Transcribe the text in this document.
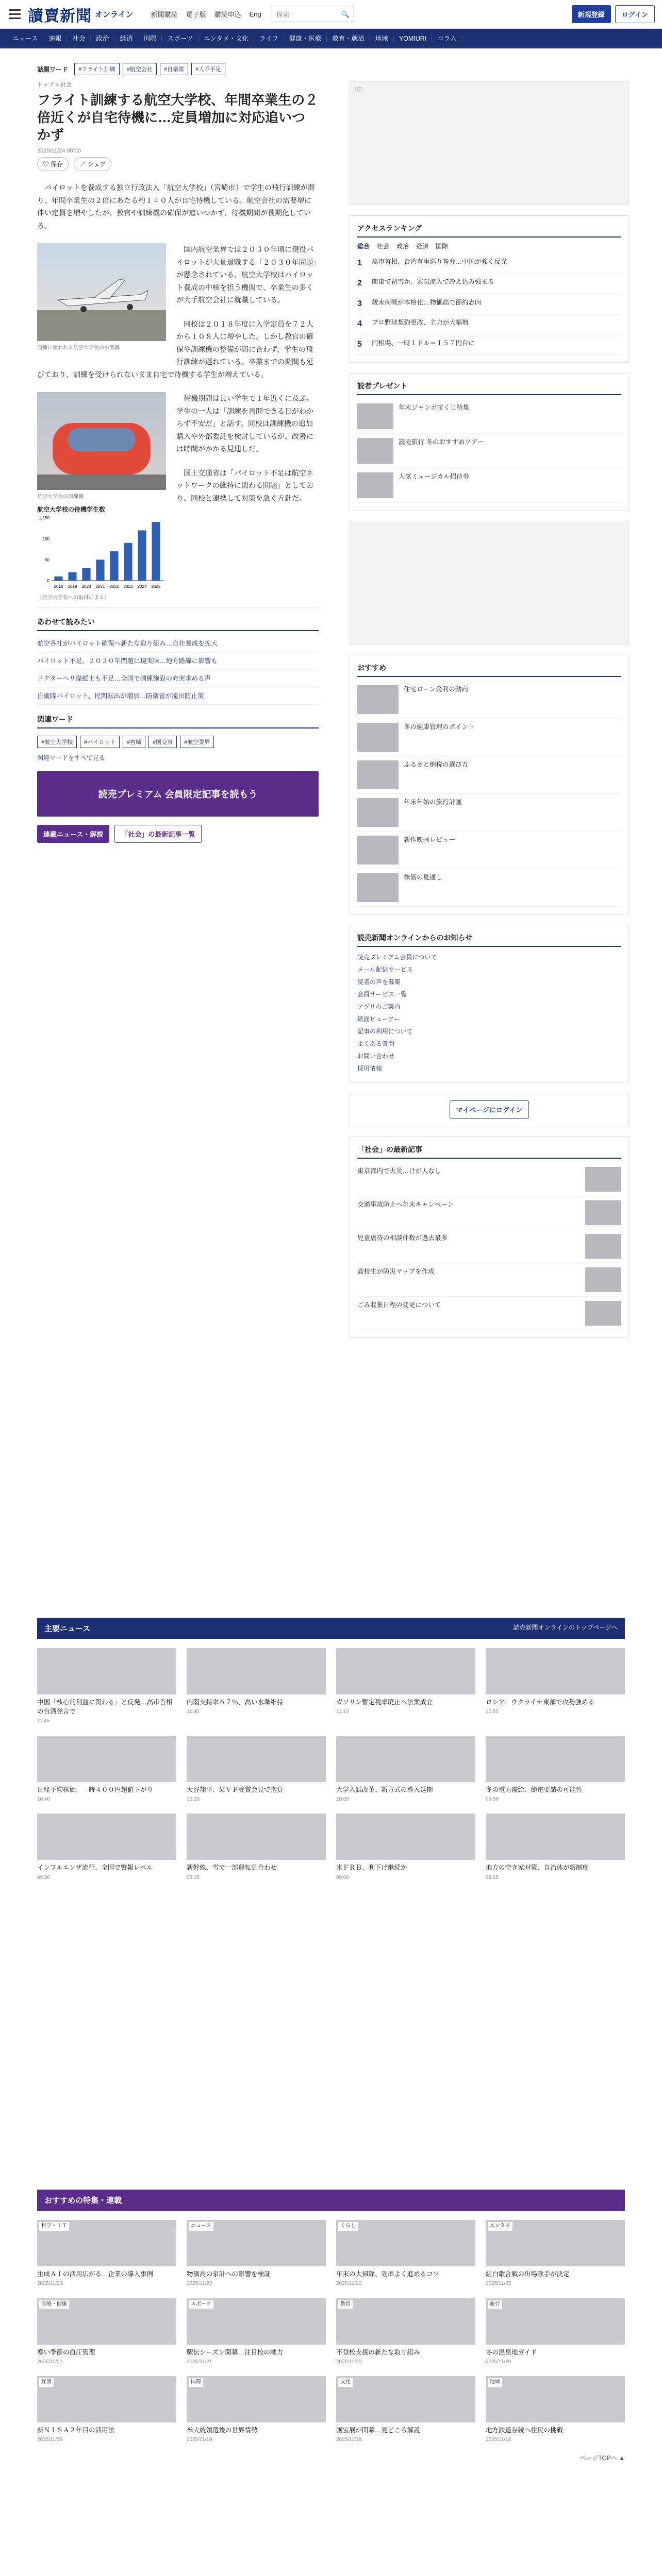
讀賣新聞 オンライン	新聞購読 電子版 購読申込 Eng 検索	🔍	新規登録	ログイン
ニュース	速報	社会	政治	経済	国際	スポーツ	エンタメ・文化	ライフ	健康・医療	教育・就活	地域	YOMIURI	コラム
話題ワード	#フライト訓練	#航空会社	#自衛隊	#人手不足
トップ > 社会
フライト訓練する航空大学校、年間卒業生の２倍近くが自宅待機に…定員増加に対応追いつかず
2025/11/24 05:00
♡ 保存	↗ シェア

パイロットを養成する独立行政法人「航空大学校」（宮崎市）で学生の飛行訓練が滞り、年間卒業生の２倍にあたる約１４０人が自宅待機している。航空会社の需要増に伴い定員を増やしたが、教官や訓練機の確保が追いつかず、待機期間が長期化している。

訓練に使われる航空大学校の小型機

国内航空業界では２０３０年頃に現役パイロットが大量退職する「２０３０年問題」が懸念されている。航空大学校はパイロット養成の中核を担う機関で、卒業生の多くが大手航空会社に就職している。

同校は２０１８年度に入学定員を７２人から１０８人に増やした。しかし教官の確保や訓練機の整備が間に合わず、学生の飛行訓練が遅れている。卒業までの期間も延びており、訓練を受けられないまま自宅で待機する学生が増えている。

航空大学校の訓練機
航空大学校の待機学生数
2018 2019 2020 2021 2022 2023 2024 2025
0
50
100
150
人
（航空大学校への取材による）

待機期間は長い学生で１年近くに及ぶ。学生の一人は「訓練を再開できる日がわからず不安だ」と話す。同校は訓練機の追加購入や外部委託を検討しているが、改善には時間がかかる見通しだ。

国土交通省は「パイロット不足は航空ネットワークの維持に関わる問題」としており、同校と連携して対策を急ぐ方針だ。

あわせて読みたい
航空各社がパイロット確保へ新たな取り組み…自社養成を拡大
パイロット不足、２０３０年問題に現実味…地方路線に影響も
ドクターヘリ操縦士も不足…全国で訓練施設の充実求める声
自衛隊パイロット、民間転出が増加…防衛省が流出防止策
関連ワード
#航空大学校	#パイロット	#宮崎	#国交省	#航空業界
関連ワードをすべて見る
読売プレミアム 会員限定記事を読もう
連載ニュース・解説	「社会」の最新記事一覧
広告
アクセスランキング
総合 社会 政治 経済 国際
1	高市首相、台湾有事巡り答弁…中国が強く反発
2	関東で初雪か、寒気流入で冷え込み強まる
3	歳末商戦が本格化…物価高で節約志向
4	プロ野球契約更改、主力が大幅増
5	円相場、一時１ドル＝１５７円台に
読者プレゼント
年末ジャンボ宝くじ特集
読売旅行 冬のおすすめツアー
人気ミュージカル招待券
おすすめ
住宅ローン金利の動向
冬の健康管理のポイント
ふるさと納税の選び方
年末年始の旅行計画
新作映画レビュー
株価の見通し
読売新聞オンラインからのお知らせ
読売プレミアム会員について
メール配信サービス
読者の声を募集
会員サービス一覧
アプリのご案内
紙面ビューアー
記事の利用について
よくある質問
お問い合わせ
採用情報
マイページにログイン
「社会」の最新記事
東京都内で火災…けが人なし
交通事故防止へ年末キャンペーン
児童虐待の相談件数が過去最多
高校生が防災マップを作成
ごみ収集日程の変更について
主要ニュース	読売新聞オンラインのトップページへ
中国「核心的利益に関わる」と反発…高市首相の台湾発言で
11:45
内閣支持率６７％、高い水準維持
11:30
ガソリン暫定税率廃止へ法案成立
11:10
ロシア、ウクライナ東部で攻勢強める
10:55
日経平均株価、一時４００円超値下がり
10:40
大谷翔平、ＭＶＰ受賞会見で抱負
10:20
大学入試改革、新方式の導入延期
10:05
冬の電力需給、節電要請の可能性
09:50
インフルエンザ流行、全国で警報レベル
09:30
新幹線、雪で一部運転見合わせ
09:15
米ＦＲＢ、利下げ継続か
09:00
地方の空き家対策、自治体が新制度
08:45
おすすめの特集・連載
科学・ＩＴ
生成ＡＩの活用広がる…企業の導入事例
2025/11/23
ニュース
物価高の家計への影響を検証
2025/11/23
くらし
年末の大掃除、効率よく進めるコツ
2025/11/22
エンタメ
紅白歌合戦の出場歌手が決定
2025/11/22
医療・健康
寒い季節の血圧管理
2025/11/21
スポーツ
駅伝シーズン開幕…注目校の戦力
2025/11/21
教育
不登校支援の新たな取り組み
2025/11/20
旅行
冬の温泉地ガイド
2025/11/20
経済
新ＮＩＳＡ２年目の活用法
2025/11/19
国際
米大統領選後の世界情勢
2025/11/19
文化
国宝展が開幕…見どころ解説
2025/11/18
地域
地方鉄道存続へ住民の挑戦
2025/11/18
ページTOPへ ▲
